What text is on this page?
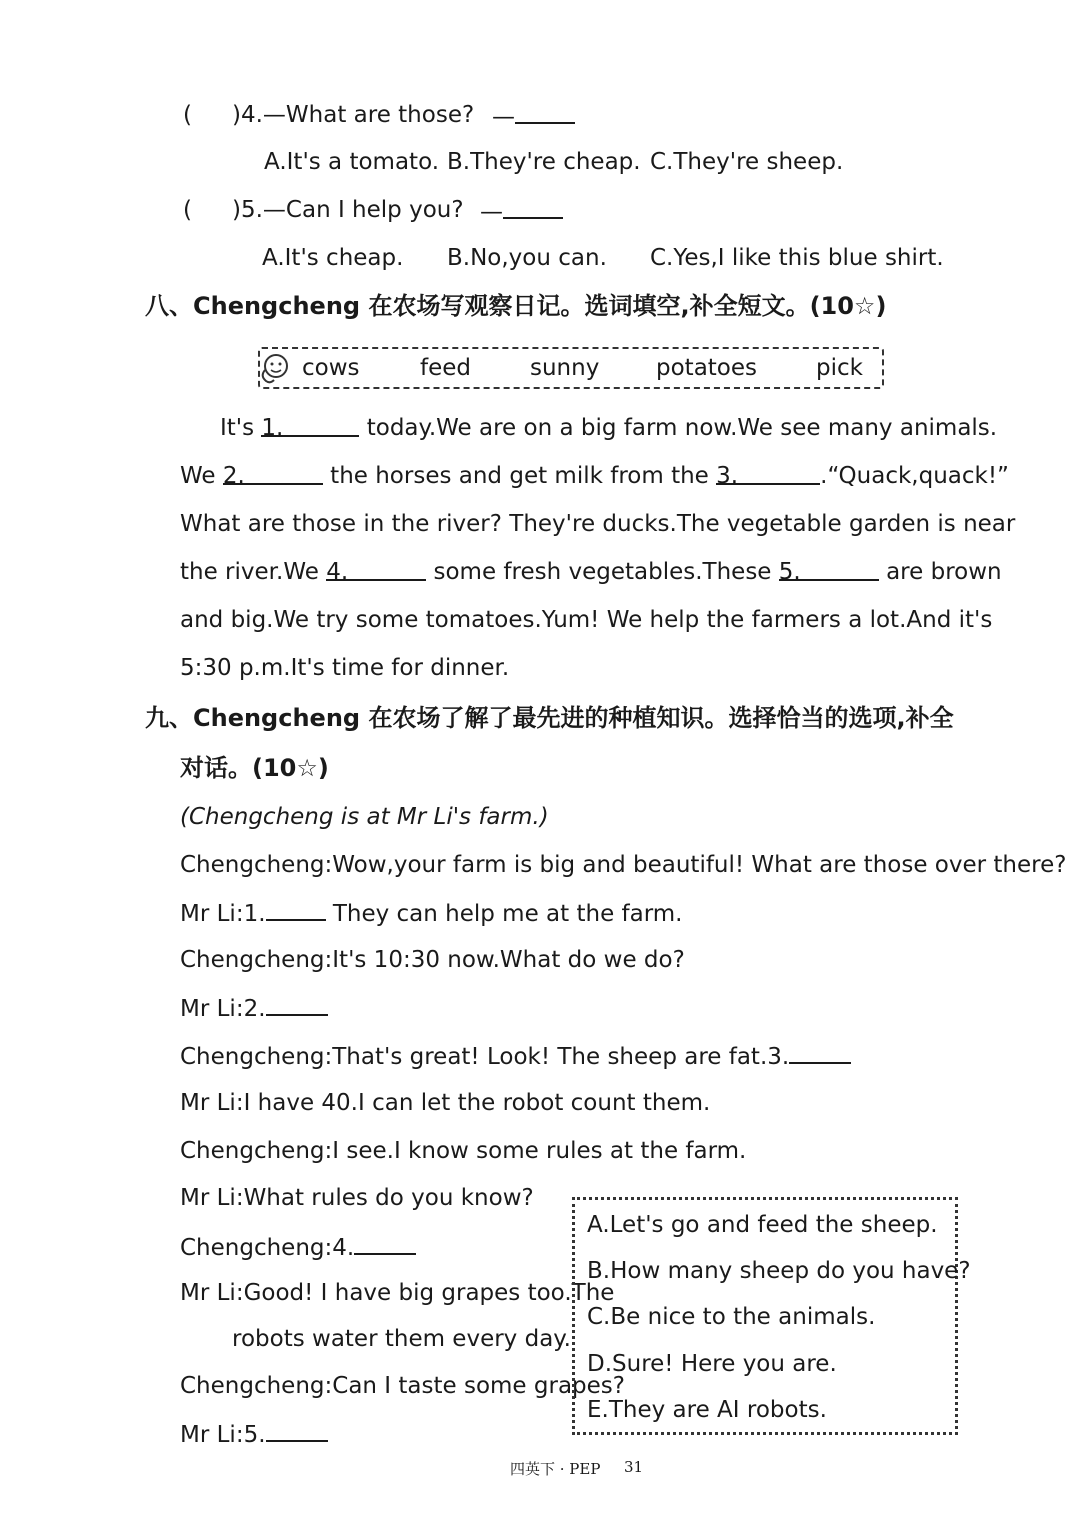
( )4.—What are those? —
A.It's a tomato. B.They're cheap. C.They're sheep.
( )5.—Can I help you? —
A.It's cheap. B.No,you can. C.Yes,I like this blue shirt.
八、Chengcheng 在农场写观察日记。选词填空,补全短文。(10☆)
cows	feed	sunny potatoes	pick
It's 1.	today.We are on a big farm now.We see many animals.
We 2.	the horses and get milk from the 3.	.“Quack,quack!”
What are those in the river? They're ducks.The vegetable garden is near
the river.We 4.	some fresh vegetables.These 5.	are brown
and big.We try some tomatoes.Yum! We help the farmers a lot.And it's
5:30 p.m.It's time for dinner.
九、Chengcheng 在农场了解了最先进的种植知识。选择恰当的选项,补全
对话。(10☆)
(Chengcheng is at Mr Li's farm.)
Chengcheng:Wow,your farm is big and beautiful! What are those over there?
Mr Li:1.	They can help me at the farm.
Chengcheng:It's 10:30 now.What do we do?
Mr Li:2.
Chengcheng:That's great! Look! The sheep are fat.3.
Mr Li:I have 40.I can let the robot count them.
Chengcheng:I see.I know some rules at the farm.
Mr Li:What rules do you know?
Chengcheng:4.
Mr Li:Good! I have big grapes too.The
robots water them every day.
Chengcheng:Can I taste some grapes?
Mr Li:5.
A.Let's go and feed the sheep.
B.How many sheep do you have?
C.Be nice to the animals.
D.Sure! Here you are.
E.They are AI robots.
四英下 · PEP 31
